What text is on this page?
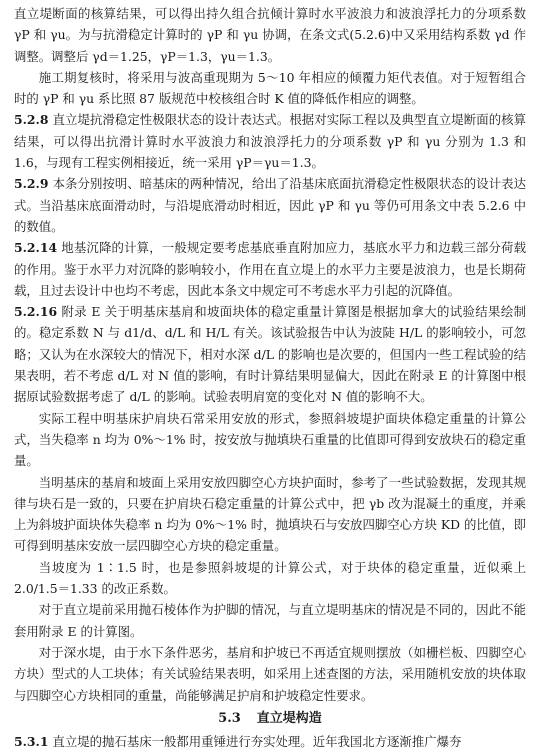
直立堤断面的核算结果，可以得出持久组合抗倾计算时水平波浪力和波浪浮托力的分项系数 γP 和 γu。为与抗滑稳定计算时的 γP 和 γu 协调，在条文式(5.2.6)中又采用结构系数 γd 作调整。调整后 γd＝1.25，γP＝1.3，γu＝1.3。

施工期复核时，将采用与波高重现期为 5～10 年相应的倾覆力矩代表值。对于短暂组合时的 γP 和 γu 系比照 87 版规范中校核组合时 K 值的降低作相应的调整。

5.2.8 直立堤抗滑稳定性极限状态的设计表达式。根据对实际工程以及典型直立堤断面的核算结果，可以得出抗滑计算时水平波浪力和波浪浮托力的分项系数 γP 和 γu 分别为 1.3 和 1.6，与现有工程实例相接近，统一采用 γP＝γu＝1.3。

5.2.9 本条分别按明、暗基床的两种情况，给出了沿基床底面抗滑稳定性极限状态的设计表达式。当沿基床底面滑动时，与沿堤底滑动时相近，因此 γP 和 γu 等仍可用条文中表 5.2.6 中的数值。

5.2.14 地基沉降的计算，一般规定要考虑基底垂直附加应力，基底水平力和边载三部分荷载的作用。鉴于水平力对沉降的影响较小，作用在直立堤上的水平力主要是波浪力，也是长期荷载，且过去设计中也均不考虑，因此本条文中规定可不考虑水平力引起的沉降值。

5.2.16 附录 E 关于明基床基肩和坡面块体的稳定重量计算图是根据加拿大的试验结果绘制的。稳定系数 N 与 d1/d、d/L 和 H/L 有关。该试验报告中认为波陡 H/L 的影响较小，可忽略；又认为在水深较大的情况下，相对水深 d/L 的影响也是次要的，但国内一些工程试验的结果表明，若不考虑 d/L 对 N 值的影响，有时计算结果明显偏大，因此在附录 E 的计算图中根据原试验数据考虑了 d/L 的影响。试验表明肩宽的变化对 N 值的影响不大。

实际工程中明基床护肩块石常采用安放的形式，参照斜坡堤护面块体稳定重量的计算公式，当失稳率 n 均为 0%～1% 时，按安放与抛填块石重量的比值即可得到安放块石的稳定重量。

当明基床的基肩和坡面上采用安放四脚空心方块护面时，参考了一些试验数据，发现其规律与块石是一致的，只要在护肩块石稳定重量的计算公式中，把 γb 改为混凝土的重度，并乘上为斜坡护面块体失稳率 n 均为 0%～1% 时，抛填块石与安放四脚空心方块 KD 的比值，即可得到明基床安放一层四脚空心方块的稳定重量。

当坡度为 1∶1.5 时，也是参照斜坡堤的计算公式，对于块体的稳定重量，近似乘上 2.0/1.5＝1.33 的改正系数。

对于直立堤前采用抛石棱体作为护脚的情况，与直立堤明基床的情况是不同的，因此不能套用附录 E 的计算图。

对于深水堤，由于水下条件恶劣，基肩和护坡已不再适宜规则摆放（如栅栏板、四脚空心方块）型式的人工块体；有关试验结果表明，如采用上述查图的方法，采用随机安放的块体取与四脚空心方块相同的重量，尚能够满足护肩和护坡稳定性要求。

5.3 直立堤构造

5.3.1 直立堤的抛石基床一般都用重锤进行夯实处理。近年我国北方逐渐推广爆夯
